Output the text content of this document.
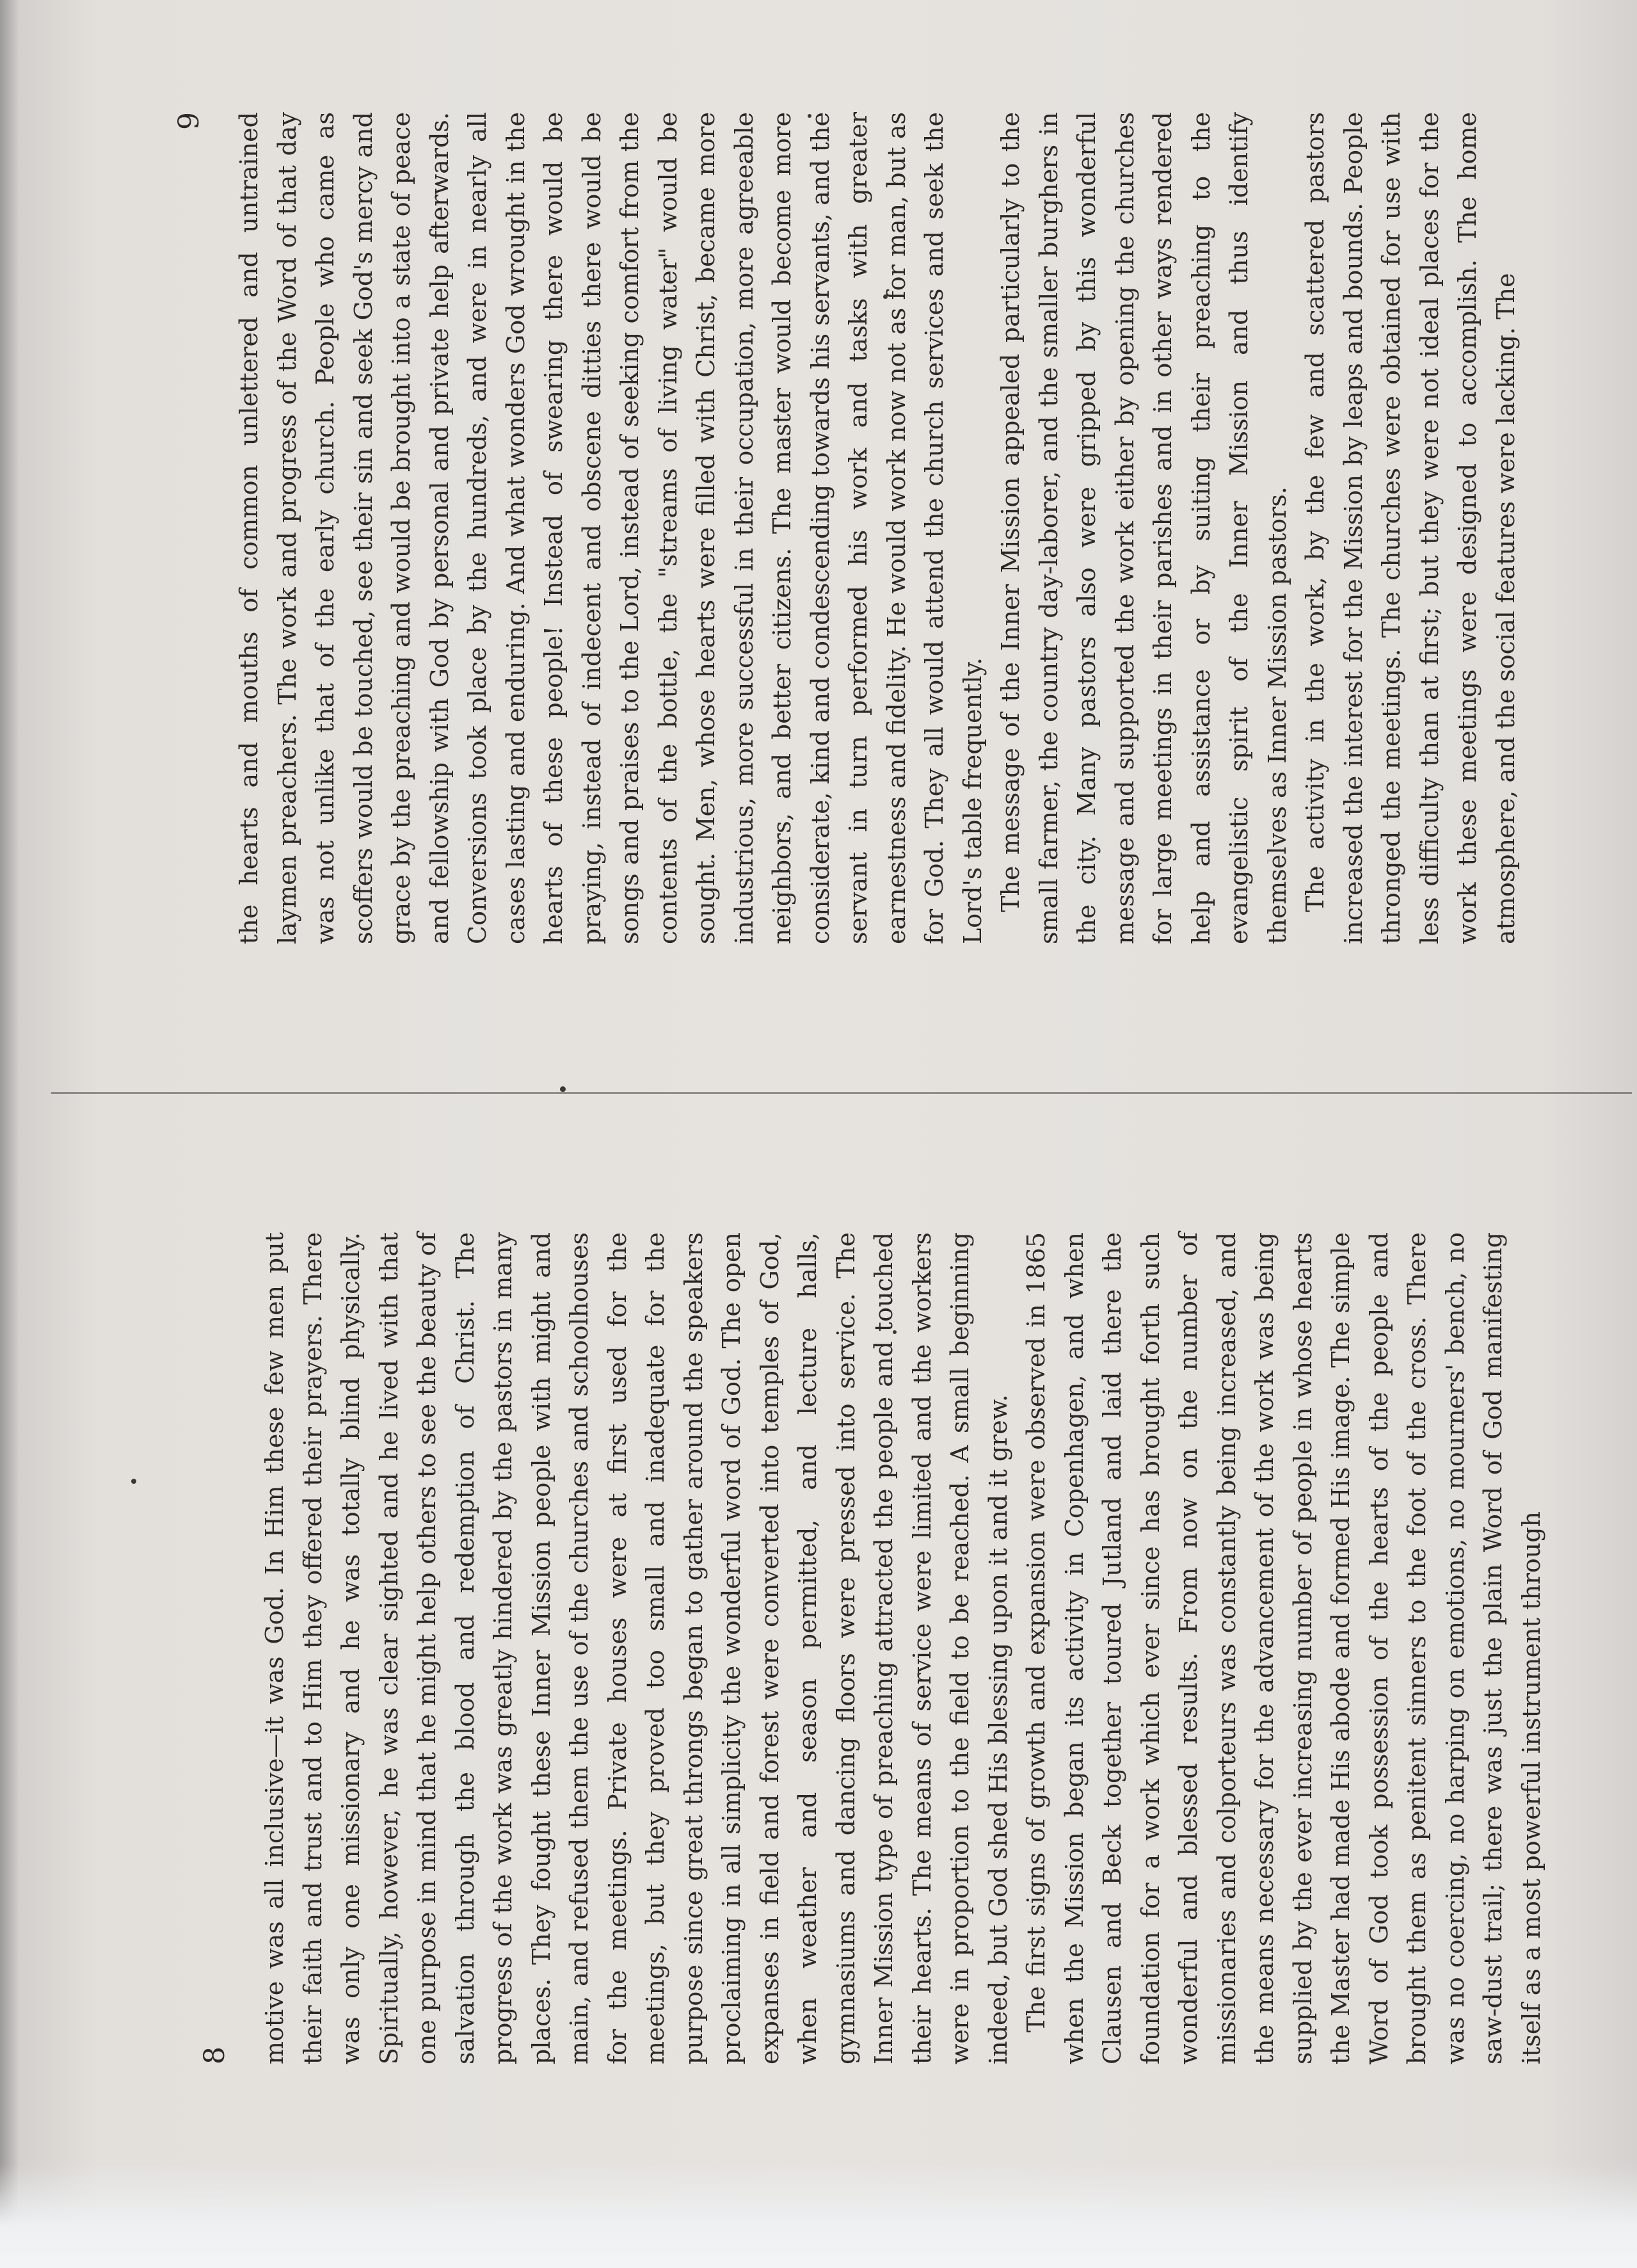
8 motive was all inclusive—it was God. In Him these few men put their faith and trust and to Him they offered their prayers. There was only one missionary and he was totally blind physically. Spiritually, however, he was clear sighted and he lived with that one purpose in mind that he might help others to see the beauty of salvation through the blood and redemption of Christ. The progress of the work was greatly hindered by the pastors in many places. They fought these Inner Mission people with might and main, and refused them the use of the churches and schoolhouses for the meetings. Private houses were at first used for the meetings, but they proved too small and inadequate for the purpose since great throngs began to gather around the speakers proclaiming in all simplicity the wonderful word of God. The open expanses in field and forest were converted into temples of God, when weather and season permitted, and lecture halls, gymnasiums and dancing floors were pressed into service. The Inner Mission type of preaching attracted the people and touched their hearts. The means of service were limited and the workers were in proportion to the field to be reached. A small beginning indeed, but God shed His blessing upon it and it grew. The first signs of growth and expansion were observed in 1865 when the Mission began its activity in Copenhagen, and when Clausen and Beck together toured Jutland and laid there the foundation for a work which ever since has brought forth such wonderful and blessed results. From now on the number of missionaries and colporteurs was constantly being increased, and the means necessary for the advancement of the work was being supplied by the ever increasing number of people in whose hearts the Master had made His abode and formed His image. The simple Word of God took possession of the hearts of the people and brought them as penitent sinners to the foot of the cross. There was no coercing, no harping on emotions, no mourners' bench, no saw-dust trail; there was just the plain Word of God manifesting itself as a most powerful instrument through

9 the hearts and mouths of common unlettered and untrained laymen preachers. The work and progress of the Word of that day was not unlike that of the early church. People who came as scoffers would be touched, see their sin and seek God's mercy and grace by the preaching and would be brought into a state of peace and fellowship with God by personal and private help afterwards. Conversions took place by the hundreds, and were in nearly all cases lasting and enduring. And what wonders God wrought in the hearts of these people! Instead of swearing there would be praying, instead of indecent and obscene ditties there would be songs and praises to the Lord, instead of seeking comfort from the contents of the bottle, the "streams of living water" would be sought. Men, whose hearts were filled with Christ, became more industrious, more successful in their occupation, more agreeable neighbors, and better citizens. The master would become more considerate, kind and condescending towards his servants, and the servant in turn performed his work and tasks with greater earnestness and fidelity. He would work now not as for man, but as for God. They all would attend the church services and seek the Lord's table frequently. The message of the Inner Mission appealed particularly to the small farmer, the country day-laborer, and the smaller burghers in the city. Many pastors also were gripped by this wonderful message and supported the work either by opening the churches for large meetings in their parishes and in other ways rendered help and assistance or by suiting their preaching to the evangelistic spirit of the Inner Mission and thus identify themselves as Inner Mission pastors. The activity in the work, by the few and scattered pastors increased the interest for the Mission by leaps and bounds. People thronged the meetings. The churches were obtained for use with less difficulty than at first; but they were not ideal places for the work these meetings were designed to accomplish. The home atmosphere, and the social features were lacking. The
